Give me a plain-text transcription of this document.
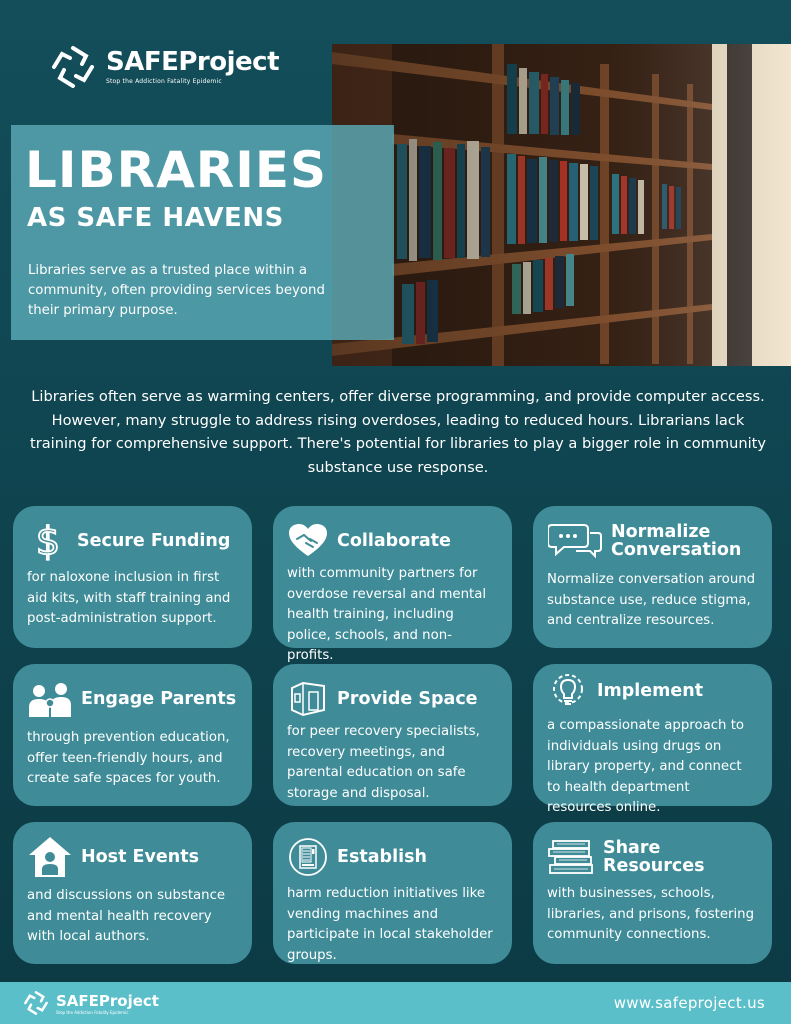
SAFEProject
Stop the Addiction Fatality Epidemic
LIBRARIES
AS SAFE HAVENS
Libraries serve as a trusted place within a community, often providing services beyond their primary purpose.
Libraries often serve as warming centers, offer diverse programming, and provide computer access. However, many struggle to address rising overdoses, leading to reduced hours. Librarians lack training for comprehensive support. There's potential for libraries to play a bigger role in community substance use response.
$ Secure Funding
for naloxone inclusion in first aid kits, with staff training and post-administration support.
Collaborate
with community partners for overdose reversal and mental health training, including police, schools, and non-profits.
Normalize Conversation
Normalize conversation around substance use, reduce stigma, and centralize resources.
Engage Parents
through prevention education, offer teen-friendly hours, and create safe spaces for youth.
Provide Space
for peer recovery specialists, recovery meetings, and parental education on safe storage and disposal.
Implement
a compassionate approach to individuals using drugs on library property, and connect to health department resources online.
Host Events
and discussions on substance and mental health recovery with local authors.
Establish
harm reduction initiatives like vending machines and participate in local stakeholder groups.
Share Resources
with businesses, schools, libraries, and prisons, fostering community connections.
SAFEProject
Stop the Addiction Fatality Epidemic	www.safeproject.us
